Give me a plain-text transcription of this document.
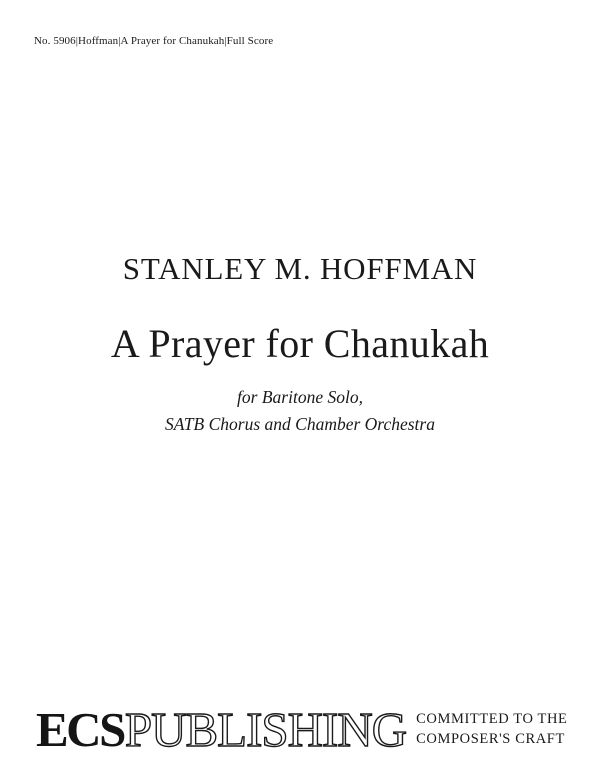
No. 5906|Hoffman|A Prayer for Chanukah|Full Score
STANLEY M. HOFFMAN
A Prayer for Chanukah
for Baritone Solo,
SATB Chorus and Chamber Orchestra
ECS PUBLISHING COMMITTED TO THE
COMPOSER'S CRAFT
